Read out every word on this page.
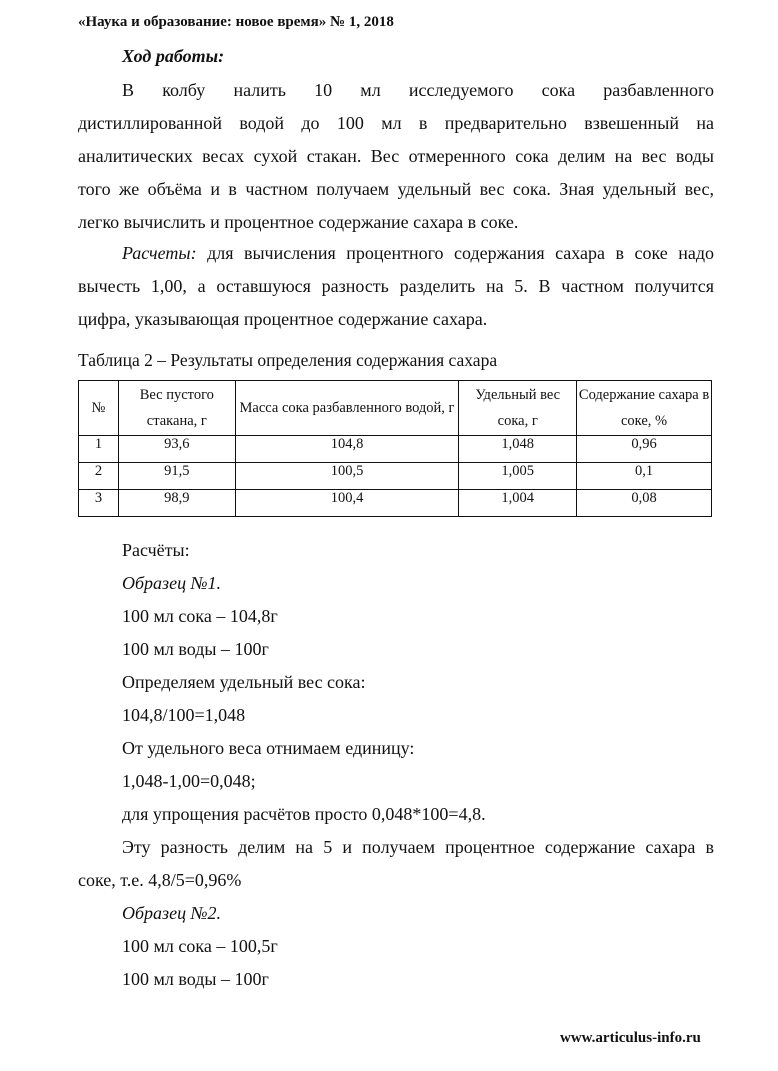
«Наука и образование: новое время» № 1, 2018
Ход работы:
В колбу налить 10 мл исследуемого сока разбавленного
дистиллированной водой до 100 мл в предварительно взвешенный на
аналитических весах сухой стакан. Вес отмеренного сока делим на вес воды
того же объёма и в частном получаем удельный вес сока. Зная удельный вес,
легко вычислить и процентное содержание сахара в соке.
Расчеты: для вычисления процентного содержания сахара в соке надо
вычесть 1,00, а оставшуюся разность разделить на 5. В частном получится
цифра, указывающая процентное содержание сахара.
Таблица 2 – Результаты определения содержания сахара
№	Вес пустого стакана, г	Масса сока разбавленного водой, г	Удельный вес сока, г	Содержание сахара в соке, %
1	93,6	104,8	1,048	0,96
2	91,5	100,5	1,005	0,1
3	98,9	100,4	1,004	0,08
Расчёты:
Образец №1.
100 мл сока – 104,8г
100 мл воды – 100г
Определяем удельный вес сока:
104,8/100=1,048
От удельного веса отнимаем единицу:
1,048-1,00=0,048;
для упрощения расчётов просто 0,048*100=4,8.
Эту разность делим на 5 и получаем процентное содержание сахара в
соке, т.е. 4,8/5=0,96%
Образец №2.
100 мл сока – 100,5г
100 мл воды – 100г
www.articulus-info.ru
